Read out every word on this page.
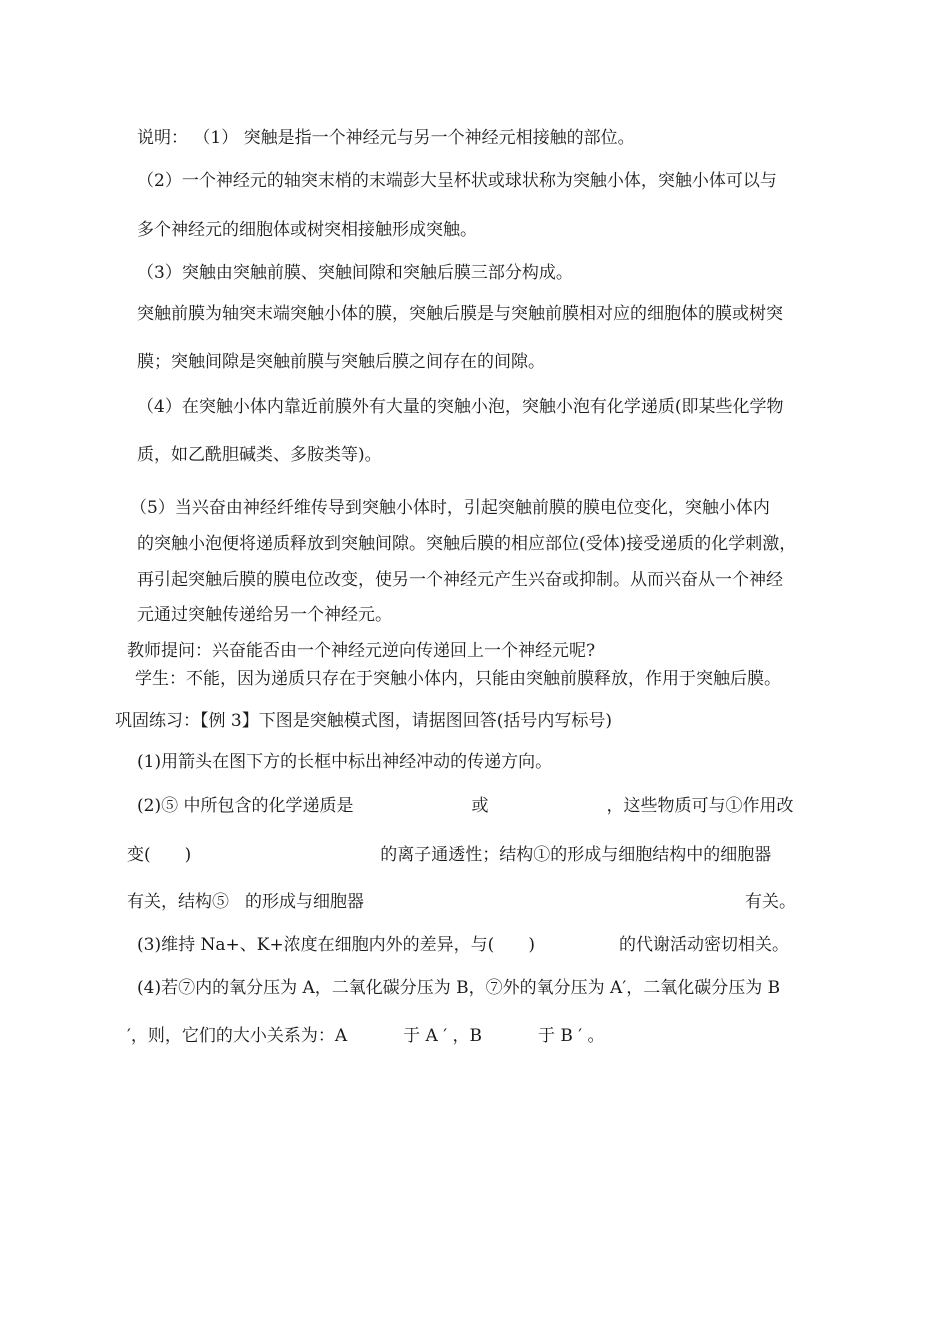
说明： （1） 突触是指一个神经元与另一个神经元相接触的部位。
（2）一个神经元的轴突末梢的末端彭大呈杯状或球状称为突触小体，突触小体可以与
多个神经元的细胞体或树突相接触形成突触。
（3）突触由突触前膜、突触间隙和突触后膜三部分构成。
突触前膜为轴突末端突触小体的膜，突触后膜是与突触前膜相对应的细胞体的膜或树突
膜；突触间隙是突触前膜与突触后膜之间存在的间隙。
（4）在突触小体内靠近前膜外有大量的突触小泡，突触小泡有化学递质(即某些化学物
质，如乙酰胆碱类、多胺类等)。
（5）当兴奋由神经纤维传导到突触小体时，引起突触前膜的膜电位变化，突触小体内
的突触小泡便将递质释放到突触间隙。突触后膜的相应部位(受体)接受递质的化学刺激，
再引起突触后膜的膜电位改变，使另一个神经元产生兴奋或抑制。从而兴奋从一个神经
元通过突触传递给另一个神经元。
教师提问：兴奋能否由一个神经元逆向传递回上一个神经元呢?
学生：不能，因为递质只存在于突触小体内，只能由突触前膜释放，作用于突触后膜。
巩固练习：【例 3】下图是突触模式图，请据图回答(括号内写标号)
(1)用箭头在图下方的长框中标出神经冲动的传递方向。
(2)⑤ 中所包含的化学递质是	或	，这些物质可与①作用改
变( )	的离子通透性；结构①的形成与细胞结构中的细胞器
有关，结构⑤ 的形成与细胞器	有关。
(3)维持 Na+、K+浓度在细胞内外的差异，与( )	的代谢活动密切相关。
(4)若⑦内的氧分压为 A，二氧化碳分压为 B，⑦外的氧分压为 A′，二氧化碳分压为 B
′，则，它们的大小关系为：A	于 A ′ ，B	于 B ′ 。
